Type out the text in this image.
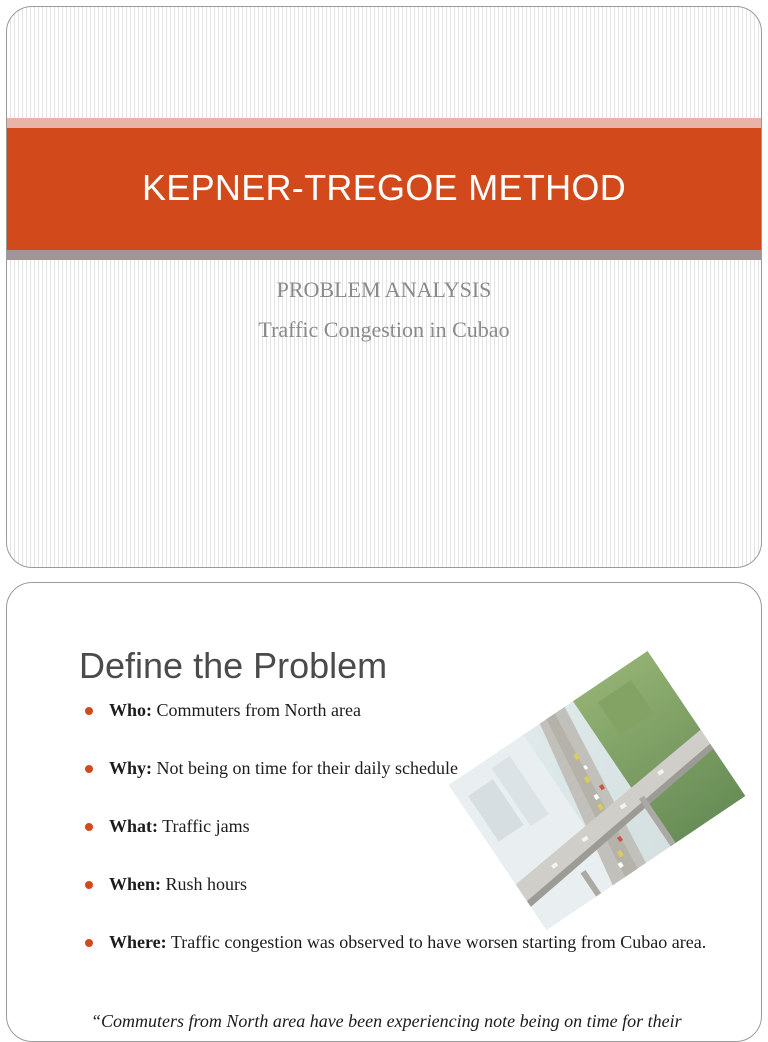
KEPNER-TREGOE METHOD
PROBLEM ANALYSIS
Traffic Congestion in Cubao
Define the Problem
Who: Commuters from North area
Why: Not being on time for their daily schedule
What: Traffic jams
When: Rush hours
Where: Traffic congestion was observed to have worsen starting from Cubao area.
“Commuters from North area have been experiencing note being on time for their
